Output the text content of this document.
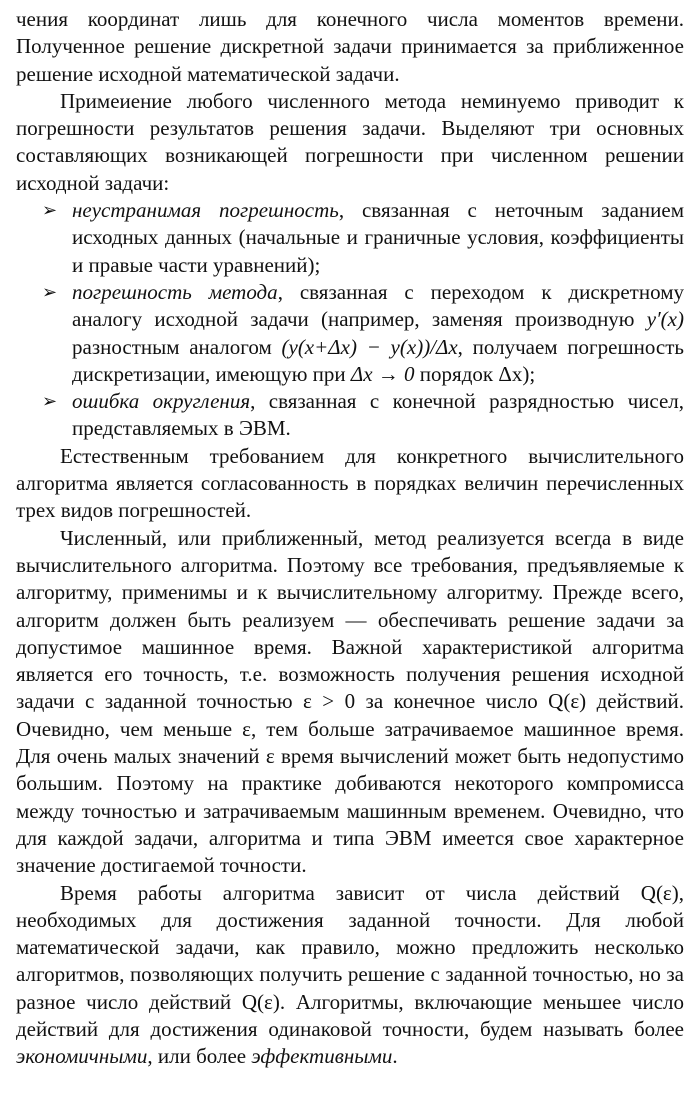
чения координат лишь для конечного числа моментов времени. Полученное решение дискретной задачи принимается за приближенное решение исходной математической задачи.

Примеиение любого численного метода неминуемо приводит к погрешности результатов решения задачи. Выделяют три основных составляющих возникающей погрешности при численном решении исходной задачи:

➢ неустранимая погрешность, связанная с неточным заданием исходных данных (начальные и граничные условия, коэффициенты и правые части уравнений);
➢ погрешность метода, связанная с переходом к дискретному аналогу исходной задачи (например, заменяя производную y′(x) разностным аналогом (y(x+Δx) − y(x))/Δx, получаем погрешность дискретизации, имеющую при Δx → 0 порядок Δx);
➢ ошибка округления, связанная с конечной разрядностью чисел, представляемых в ЭВМ.

Естественным требованием для конкретного вычислительного алгоритма является согласованность в порядках величин перечисленных трех видов погрешностей.

Численный, или приближенный, метод реализуется всегда в виде вычислительного алгоритма. Поэтому все требования, предъявляемые к алгоритму, применимы и к вычислительному алгоритму. Прежде всего, алгоритм должен быть реализуем — обеспечивать решение задачи за допустимое машинное время. Важной характеристикой алгоритма является его точность, т.е. возможность получения решения исходной задачи с заданной точностью ε > 0 за конечное число Q(ε) действий. Очевидно, чем меньше ε, тем больше затрачиваемое машинное время. Для очень малых значений ε время вычислений может быть недопустимо большим. Поэтому на практике добиваются некоторого компромисса между точностью и затрачиваемым машинным временем. Очевидно, что для каждой задачи, алгоритма и типа ЭВМ имеется свое характерное значение достигаемой точности.

Время работы алгоритма зависит от числа действий Q(ε), необходимых для достижения заданной точности. Для любой математической задачи, как правило, можно предложить несколько алгоритмов, позволяющих получить решение с заданной точностью, но за разное число действий Q(ε). Алгоритмы, включающие меньшее число действий для достижения одинаковой точности, будем называть более экономичными, или более эффективными.
